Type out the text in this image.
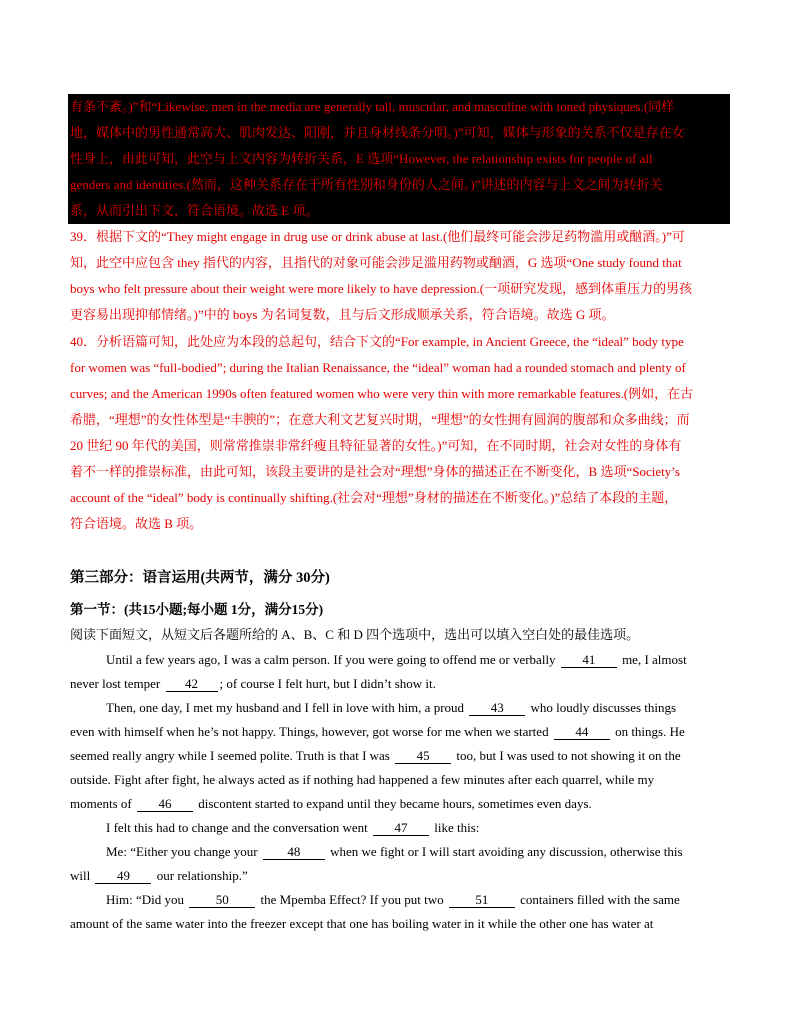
有条不紊。)”和“Likewise, men in the media are generally tall, muscular, and masculine with toned physiques.(同样

地，媒体中的男性通常高大、肌肉发达、阳刚，并且身材线条分明。)”可知，媒体与形象的关系不仅是存在女

性身上，由此可知，此空与上文内容为转折关系，E 选项“However, the relationship exists for people of all

genders and identities.(然而，这种关系存在于所有性别和身份的人之间。)”讲述的内容与上文之间为转折关

系，从而引出下文，符合语境。故选 E 项。

39．根据下文的“They might engage in drug use or drink abuse at last.(他们最终可能会涉足药物滥用或酗酒。)”可

知，此空中应包含 they 指代的内容，且指代的对象可能会涉足滥用药物或酗酒，G 选项“One study found that

boys who felt pressure about their weight were more likely to have depression.(一项研究发现，感到体重压力的男孩

更容易出现抑郁情绪。)”中的 boys 为名词复数，且与后文形成顺承关系，符合语境。故选 G 项。

40．分析语篇可知，此处应为本段的总起句，结合下文的“For example, in Ancient Greece, the “ideal” body type

for women was “full-bodied”; during the Italian Renaissance, the “ideal” woman had a rounded stomach and plenty of

curves; and the American 1990s often featured women who were very thin with more remarkable features.(例如，在古

希腊，“理想”的女性体型是“丰腴的”；在意大利文艺复兴时期，“理想”的女性拥有圆润的腹部和众多曲线；而

20 世纪 90 年代的美国，则常常推崇非常纤瘦且特征显著的女性。)”可知，在不同时期，社会对女性的身体有

着不一样的推崇标准，由此可知，该段主要讲的是社会对“理想”身体的描述正在不断变化，B 选项“Society’s

account of the “ideal” body is continually shifting.(社会对“理想”身材的描述在不断变化。)”总结了本段的主题，

符合语境。故选 B 项。

第三部分：语言运用(共两节，满分 30分)
第一节：(共15小题;每小题 1分，满分15分)
阅读下面短文，从短文后各题所给的 A、B、C 和 D 四个选项中，选出可以填入空白处的最佳选项。

Until a few years ago, I was a calm person. If you were going to offend me or verbally 41 me, I almost

never lost temper 42 ; of course I felt hurt, but I didn’t show it.

Then, one day, I met my husband and I fell in love with him, a proud 43 who loudly discusses things

even with himself when he’s not happy. Things, however, got worse for me when we started 44 on things. He

seemed really angry while I seemed polite. Truth is that I was 45 too, but I was used to not showing it on the

outside. Fight after fight, he always acted as if nothing had happened a few minutes after each quarrel, while my

moments of 46 discontent started to expand until they became hours, sometimes even days.

I felt this had to change and the conversation went 47 like this:

Me: “Either you change your 48 when we fight or I will start avoiding any discussion, otherwise this

will 49 our relationship.”

Him: “Did you 50 the Mpemba Effect? If you put two 51 containers filled with the same

amount of the same water into the freezer except that one has boiling water in it while the other one has water at
